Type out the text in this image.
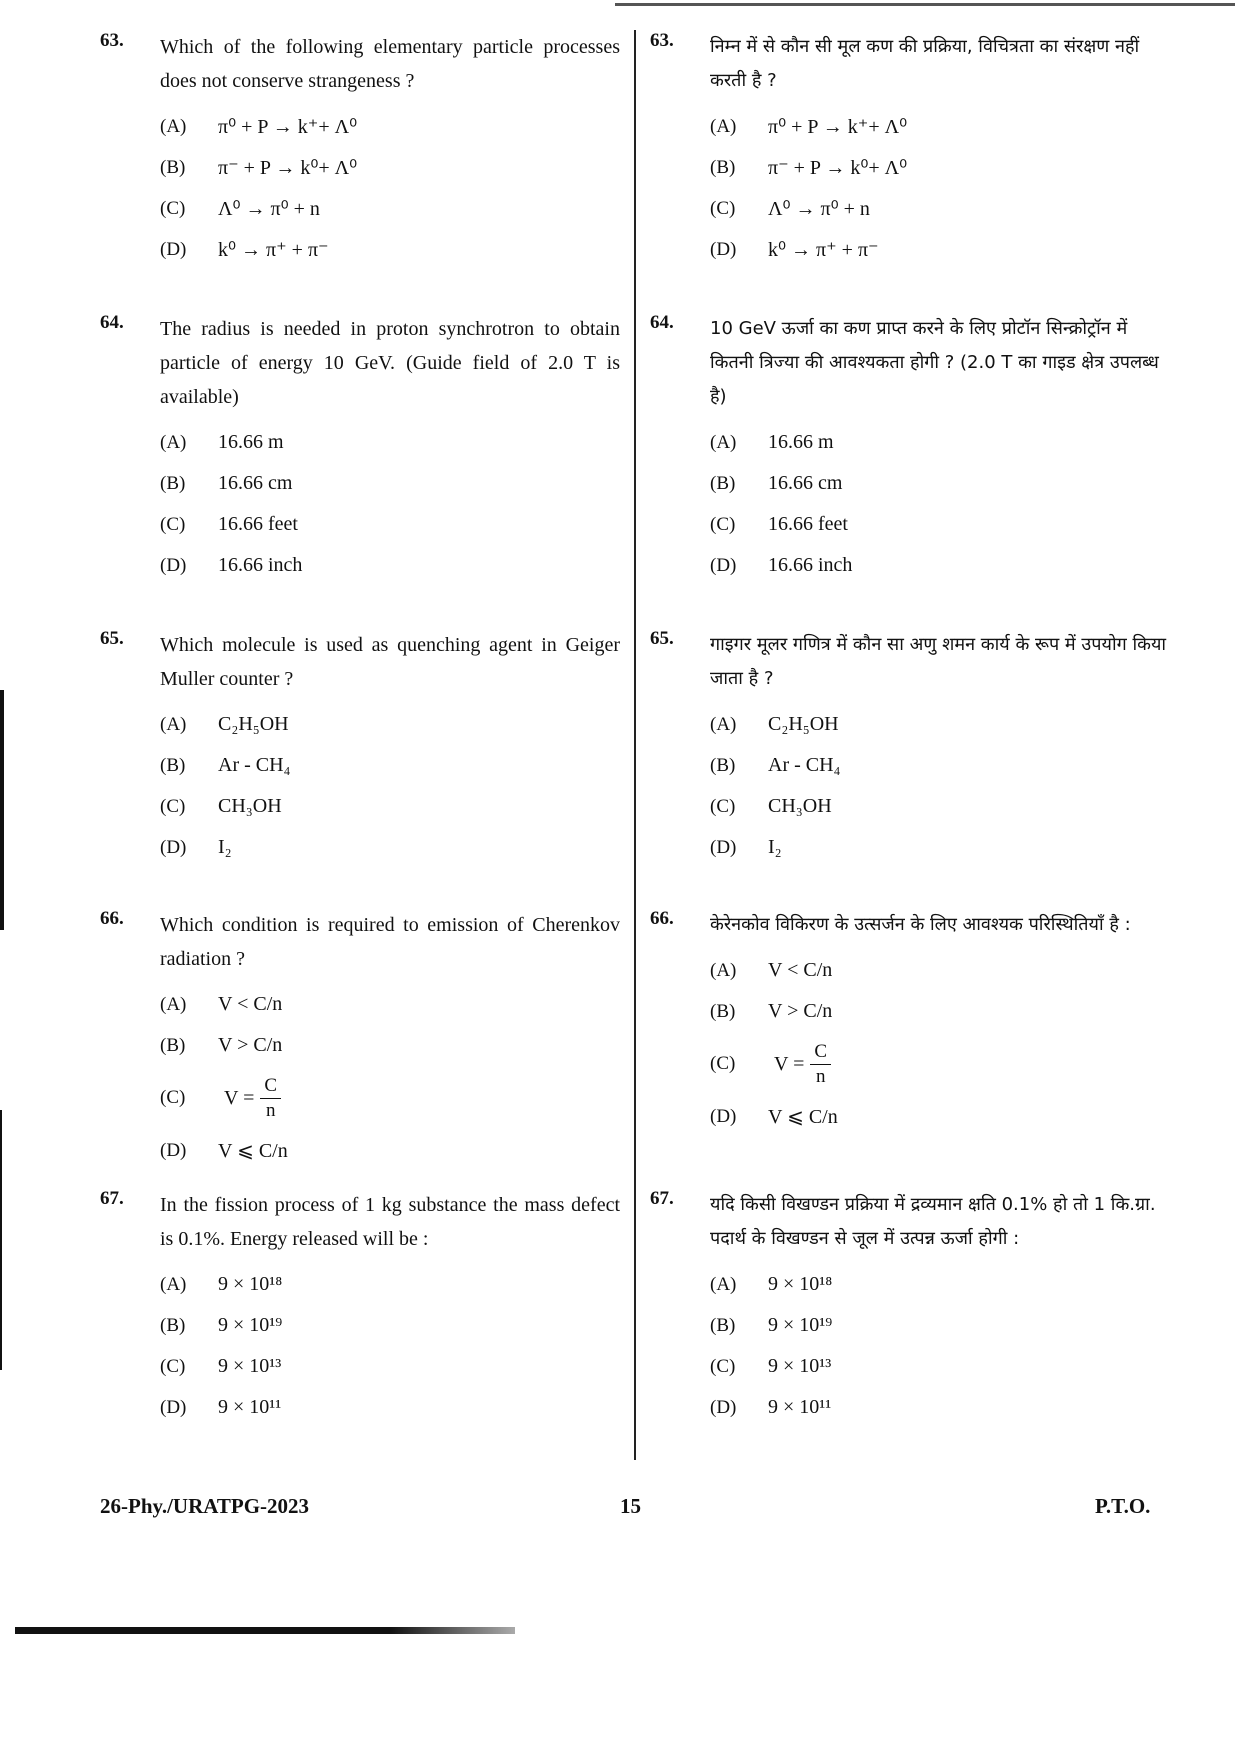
63.	Which of the following elementary particle processes does not conserve strangeness ?
(A)	π⁰ + P → k⁺+ Λ⁰
(B)	π⁻ + P → k⁰+ Λ⁰
(C)	Λ⁰ → π⁰ + n
(D)	k⁰ → π⁺ + π⁻
64.	The radius is needed in proton synchrotron to obtain particle of energy 10 GeV. (Guide field of 2.0 T is available)
(A)	16.66 m
(B)	16.66 cm
(C)	16.66 feet
(D)	16.66 inch
65.	Which molecule is used as quenching agent in Geiger Muller counter ?
(A)	C₂H₅OH
(B)	Ar - CH₄
(C)	CH₃OH
(D)	I₂
66.	Which condition is required to emission of Cherenkov radiation ?
(A)	V < C/n
(B)	V > C/n
(C)	$V = \frac{C}{n}$
(D)	V ⩽ C/n
67.	In the fission process of 1 kg substance the mass defect is 0.1%. Energy released will be :
(A)	9 × 10¹⁸
(B)	9 × 10¹⁹
(C)	9 × 10¹³
(D)	9 × 10¹¹
63.	निम्न में से कौन सी मूल कण की प्रक्रिया, विचित्रता का संरक्षण नहीं करती है ?
(A)	π⁰ + P → k⁺+ Λ⁰
(B)	π⁻ + P → k⁰+ Λ⁰
(C)	Λ⁰ → π⁰ + n
(D)	k⁰ → π⁺ + π⁻
64.	10 GeV ऊर्जा का कण प्राप्त करने के लिए प्रोटॉन सिन्क्रोट्रॉन में कितनी त्रिज्या की आवश्यकता होगी ? (2.0 T का गाइड क्षेत्र उपलब्ध है)
(A)	16.66 m
(B)	16.66 cm
(C)	16.66 feet
(D)	16.66 inch
65.	गाइगर मूलर गणित्र में कौन सा अणु शमन कार्य के रूप में उपयोग किया जाता है ?
(A)	C₂H₅OH
(B)	Ar - CH₄
(C)	CH₃OH
(D)	I₂
66.	केरेनकोव विकिरण के उत्सर्जन के लिए आवश्यक परिस्थितियाँ है :
(A)	V < C/n
(B)	V > C/n
(C)	$V = \frac{C}{n}$
(D)	V ⩽ C/n
67.	यदि किसी विखण्डन प्रक्रिया में द्रव्यमान क्षति 0.1% हो तो 1 कि.ग्रा. पदार्थ के विखण्डन से जूल में उत्पन्न ऊर्जा होगी :
(A)	9 × 10¹⁸
(B)	9 × 10¹⁹
(C)	9 × 10¹³
(D)	9 × 10¹¹
26-Phy./URATPG-2023	15	P.T.O.
